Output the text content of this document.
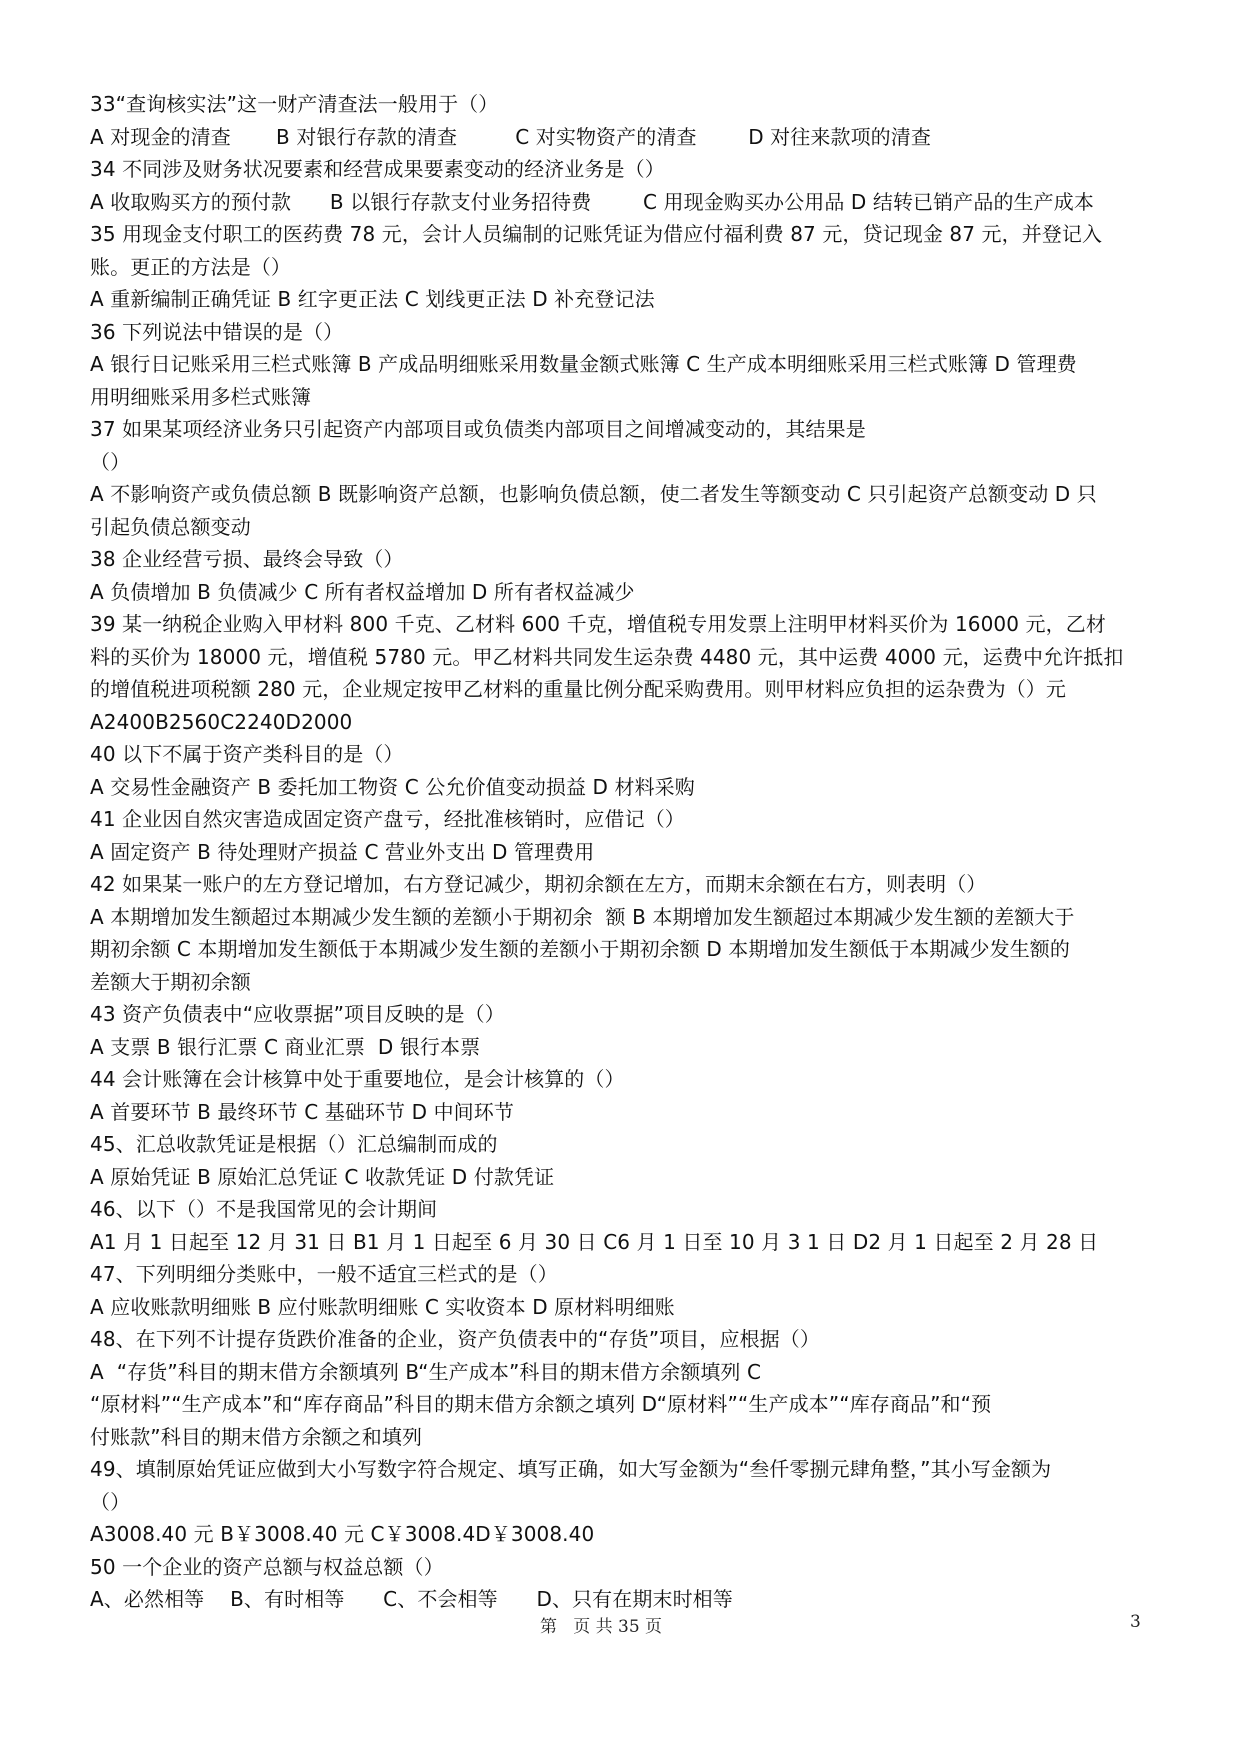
33“查询核实法”这一财产清查法一般用于（）
A 对现金的清查       B 对银行存款的清查         C 对实物资产的清查        D 对往来款项的清查
34 不同涉及财务状况要素和经营成果要素变动的经济业务是（）
A 收取购买方的预付款      B 以银行存款支付业务招待费        C 用现金购买办公用品 D 结转已销产品的生产成本
35 用现金支付职工的医药费 78 元，会计人员编制的记账凭证为借应付福利费 87 元，贷记现金 87 元，并登记入
账。更正的方法是（）
A 重新编制正确凭证 B 红字更正法 C 划线更正法 D 补充登记法
36 下列说法中错误的是（）
A 银行日记账采用三栏式账簿 B 产成品明细账采用数量金额式账簿 C 生产成本明细账采用三栏式账簿 D 管理费
用明细账采用多栏式账簿
37 如果某项经济业务只引起资产内部项目或负债类内部项目之间增减变动的，其结果是
（）
A 不影响资产或负债总额 B 既影响资产总额，也影响负债总额，使二者发生等额变动 C 只引起资产总额变动 D 只
引起负债总额变动
38 企业经营亏损、最终会导致（）
A 负债增加 B 负债减少 C 所有者权益增加 D 所有者权益减少
39 某一纳税企业购入甲材料 800 千克、乙材料 600 千克，增值税专用发票上注明甲材料买价为 16000 元，乙材
料的买价为 18000 元，增值税 5780 元。甲乙材料共同发生运杂费 4480 元，其中运费 4000 元，运费中允许抵扣
的增值税进项税额 280 元，企业规定按甲乙材料的重量比例分配采购费用。则甲材料应负担的运杂费为（）元
A2400B2560C2240D2000
40 以下不属于资产类科目的是（）
A 交易性金融资产 B 委托加工物资 C 公允价值变动损益 D 材料采购
41 企业因自然灾害造成固定资产盘亏，经批准核销时，应借记（）
A 固定资产 B 待处理财产损益 C 营业外支出 D 管理费用
42 如果某一账户的左方登记增加，右方登记减少，期初余额在左方，而期末余额在右方，则表明（）
A 本期增加发生额超过本期减少发生额的差额小于期初余  额 B 本期增加发生额超过本期减少发生额的差额大于
期初余额 C 本期增加发生额低于本期减少发生额的差额小于期初余额 D 本期增加发生额低于本期减少发生额的
差额大于期初余额
43 资产负债表中“应收票据”项目反映的是（）
A 支票 B 银行汇票 C 商业汇票  D 银行本票
44 会计账簿在会计核算中处于重要地位，是会计核算的（）
A 首要环节 B 最终环节 C 基础环节 D 中间环节
45、汇总收款凭证是根据（）汇总编制而成的
A 原始凭证 B 原始汇总凭证 C 收款凭证 D 付款凭证
46、以下（）不是我国常见的会计期间
A1 月 1 日起至 12 月 31 日 B1 月 1 日起至 6 月 30 日 C6 月 1 日至 10 月 3 1 日 D2 月 1 日起至 2 月 28 日
47、下列明细分类账中，一般不适宜三栏式的是（）
A 应收账款明细账 B 应付账款明细账 C 实收资本 D 原材料明细账
48、在下列不计提存货跌价准备的企业，资产负债表中的“存货”项目，应根据（）
A  “存货”科目的期末借方余额填列 B“生产成本”科目的期末借方余额填列 C
“原材料”“生产成本”和“库存商品”科目的期末借方余额之填列 D“原材料”“生产成本”“库存商品”和“预
付账款”科目的期末借方余额之和填列
49、填制原始凭证应做到大小写数字符合规定、填写正确，如大写金额为“叁仟零捌元肆角整，”其小写金额为
（）
A3008.40 元 B￥3008.40 元 C￥3008.4D￥3008.40
50 一个企业的资产总额与权益总额（）
A、必然相等    B、有时相等      C、不会相等      D、只有在期末时相等
第   页 共 35 页	3
